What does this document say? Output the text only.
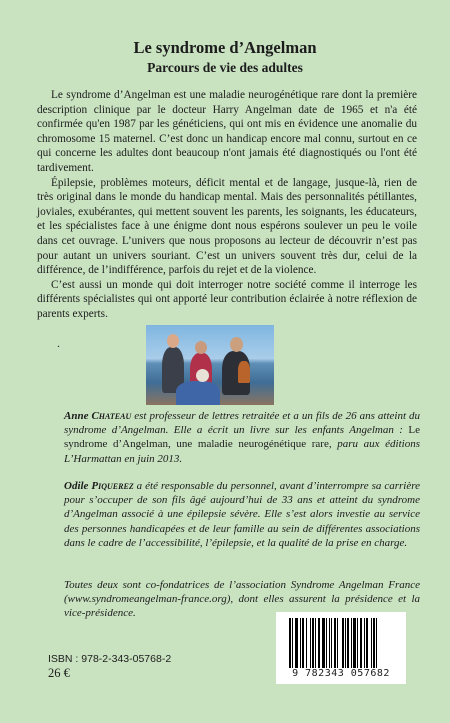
Le syndrome d’Angelman
Parcours de vie des adultes

Le syndrome d’Angelman est une maladie neurogénétique rare dont la première description clinique par le docteur Harry Angelman date de 1965 et n'a été confirmée qu'en 1987 par les généticiens, qui ont mis en évidence une anomalie du chromosome 15 maternel. C’est donc un handicap encore mal connu, surtout en ce qui concerne les adultes dont beaucoup n'ont jamais été diagnostiqués ou l'ont été tardivement.

Épilepsie, problèmes moteurs, déficit mental et de langage, jusque-là, rien de très original dans le monde du handicap mental. Mais des personnalités pétillantes, joviales, exubérantes, qui mettent souvent les parents, les soignants, les éducateurs, et les spécialistes face à une énigme dont nous espérons soulever un peu le voile dans cet ouvrage. L’univers que nous proposons au lecteur de découvrir n’est pas pour autant un univers souriant. C’est un univers souvent très dur, celui de la différence, de l’indifférence, parfois du rejet et de la violence.

C’est aussi un monde qui doit interroger notre société comme il interroge les différents spécialistes qui ont apporté leur contribution éclairée à notre réflexion de parents experts.

.
Anne Chateau est professeur de lettres retraitée et a un fils de 26 ans atteint du syndrome d’Angelman. Elle a écrit un livre sur les enfants Angelman : Le syndrome d’Angelman, une maladie neurogénétique rare, paru aux éditions L’Harmattan en juin 2013.
Odile Piquerez a été responsable du personnel, avant d’interrompre sa carrière pour s’occuper de son fils âgé aujourd’hui de 33 ans et atteint du syndrome d’Angelman associé à une épilepsie sévère. Elle s’est alors investie au service des personnes handicapées et de leur famille au sein de différentes associations dans le cadre de l’accessibilité, l’épilepsie, et la qualité de la prise en charge.
Toutes deux sont co-fondatrices de l’association Syndrome Angelman France (www.syndromeangelman-france.org), dont elles assurent la présidence et la vice-présidence.
ISBN : 978-2-343-05768-2
26 €	9 782343 057682
